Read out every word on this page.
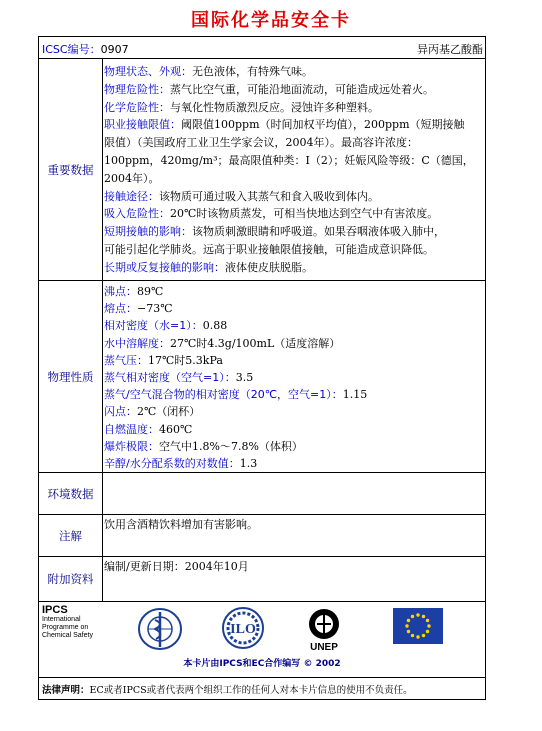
国际化学品安全卡
ICSC编号：0907	异丙基乙酸酯
重要数据
物理状态、外观：无色液体，有特殊气味。
物理危险性：蒸气比空气重，可能沿地面流动，可能造成远处着火。
化学危险性：与氧化性物质激烈反应。浸蚀许多种塑料。
职业接触限值：阈限值100ppm（时间加权平均值），200ppm（短期接触
限值）（美国政府工业卫生学家会议，2004年）。最高容许浓度：
100ppm，420mg/m³；最高限值种类：I（2）；妊娠风险等级：C（德国，
2004年）。
接触途径：该物质可通过吸入其蒸气和食入吸收到体内。
吸入危险性：20℃时该物质蒸发，可相当快地达到空气中有害浓度。
短期接触的影响：该物质刺激眼睛和呼吸道。如果吞咽液体吸入肺中，
可能引起化学肺炎。远高于职业接触限值接触，可能造成意识降低。
长期或反复接触的影响：液体使皮肤脱脂。
物理性质
沸点：89℃
熔点：−73℃
相对密度（水=1）：0.88
水中溶解度：27℃时4.3g/100mL（适度溶解）
蒸气压：17℃时5.3kPa
蒸气相对密度（空气=1）：3.5
蒸气/空气混合物的相对密度（20℃，空气=1）：1.15
闪点：2℃（闭杯）
自燃温度：460℃
爆炸极限：空气中1.8%～7.8%（体积）
辛醇/水分配系数的对数值：1.3
环境数据
注解
饮用含酒精饮料增加有害影响。
附加资料
编制/更新日期：2004年10月
IPCS
International
Programme on
Chemical Safety	ILO
UNEP
本卡片由IPCS和EC合作编写 © 2002
法律声明：EC或者IPCS或者代表两个组织工作的任何人对本卡片信息的使用不负责任。
